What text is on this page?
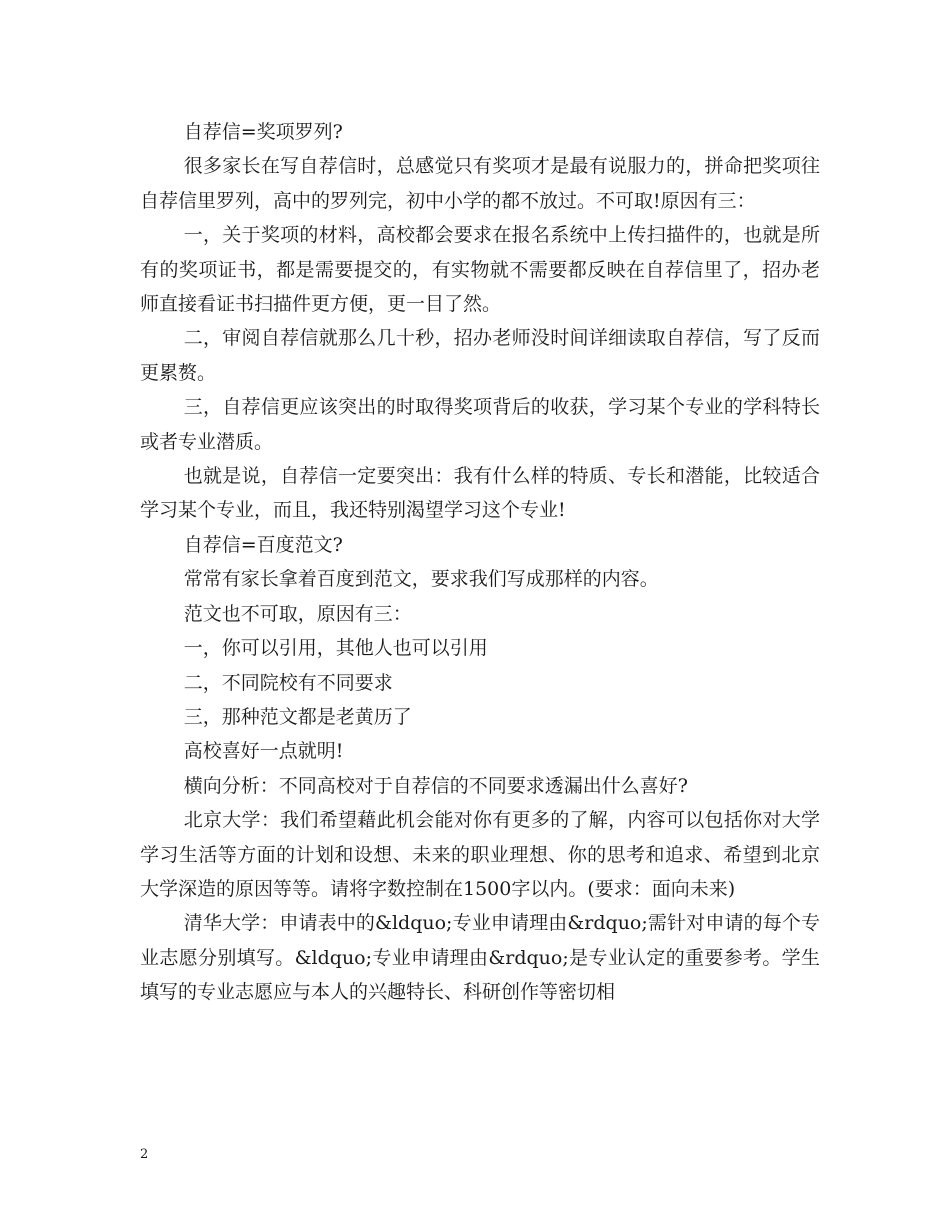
自荐信=奖项罗列?

很多家长在写自荐信时，总感觉只有奖项才是最有说服力的，拼命把奖项往自荐信里罗列，高中的罗列完，初中小学的都不放过。不可取!原因有三：

一，关于奖项的材料，高校都会要求在报名系统中上传扫描件的，也就是所有的奖项证书，都是需要提交的，有实物就不需要都反映在自荐信里了，招办老师直接看证书扫描件更方便，更一目了然。

二，审阅自荐信就那么几十秒，招办老师没时间详细读取自荐信，写了反而更累赘。

三，自荐信更应该突出的时取得奖项背后的收获，学习某个专业的学科特长或者专业潜质。

也就是说，自荐信一定要突出：我有什么样的特质、专长和潜能，比较适合学习某个专业，而且，我还特别渴望学习这个专业!

自荐信=百度范文?

常常有家长拿着百度到范文，要求我们写成那样的内容。

范文也不可取，原因有三：

一，你可以引用，其他人也可以引用

二，不同院校有不同要求

三，那种范文都是老黄历了

高校喜好一点就明!

横向分析：不同高校对于自荐信的不同要求透漏出什么喜好?

北京大学：我们希望藉此机会能对你有更多的了解，内容可以包括你对大学学习生活等方面的计划和设想、未来的职业理想、你的思考和追求、希望到北京大学深造的原因等等。请将字数控制在1500字以内。(要求：面向未来)

清华大学：申请表中的&ldquo;专业申请理由&rdquo;需针对申请的每个专业志愿分别填写。&ldquo;专业申请理由&rdquo;是专业认定的重要参考。学生填写的专业志愿应与本人的兴趣特长、科研创作等密切相

2
